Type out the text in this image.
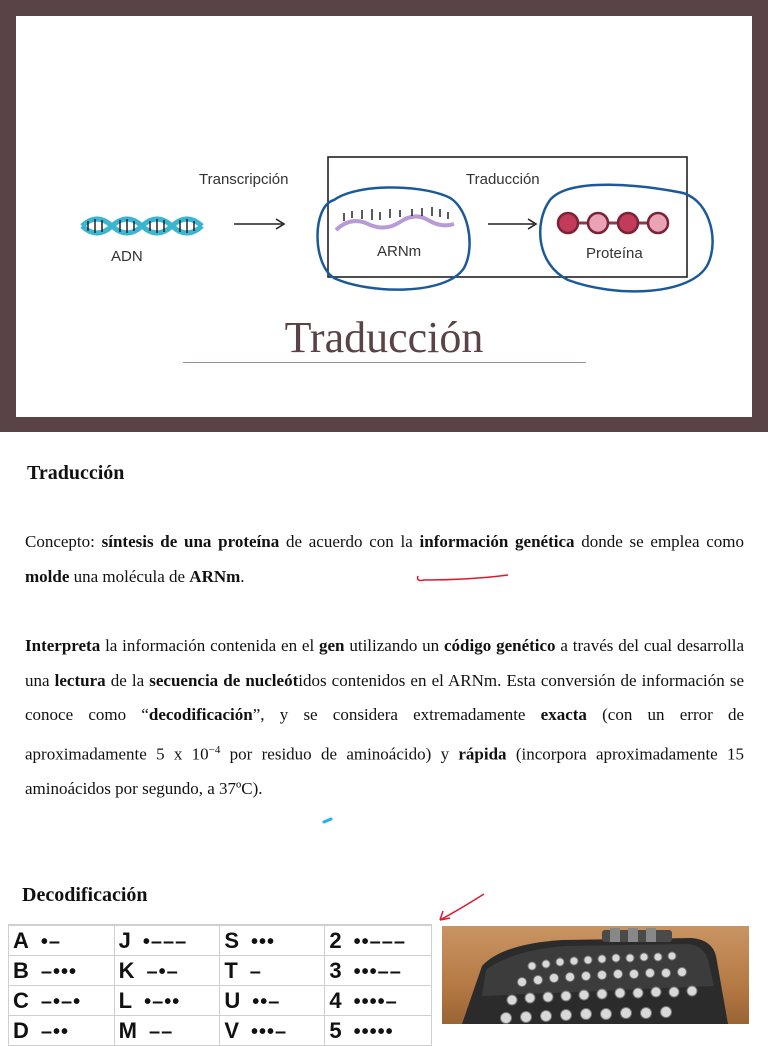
ADN
Transcripción	Traducción
ARNm	Proteína
Traducción
Traducción

Concepto: síntesis de una proteína de acuerdo con la información genética donde se emplea como molde una molécula de ARNm.

Interpreta la información contenida en el gen utilizando un código genético a través del cual desarrolla una lectura de la secuencia de nucleótidos contenidos en el ARNm. Esta conversión de información se conoce como “decodificación”, y se considera extremadamente exacta (con un error de aproximadamente 5 x $10^{-4}$ por residuo de aminoácido) y rápida (incorpora aproximadamente 15 aminoácidos por segundo, a 37ºC).

Decodificación
A •–	J •–––	S •••	2 ••–––
B –•••	K –•–	T –	3 •••––
C –•–•	L •–••	U ••–	4 ••••–
D –••	M ––	V •••–	5 •••••
